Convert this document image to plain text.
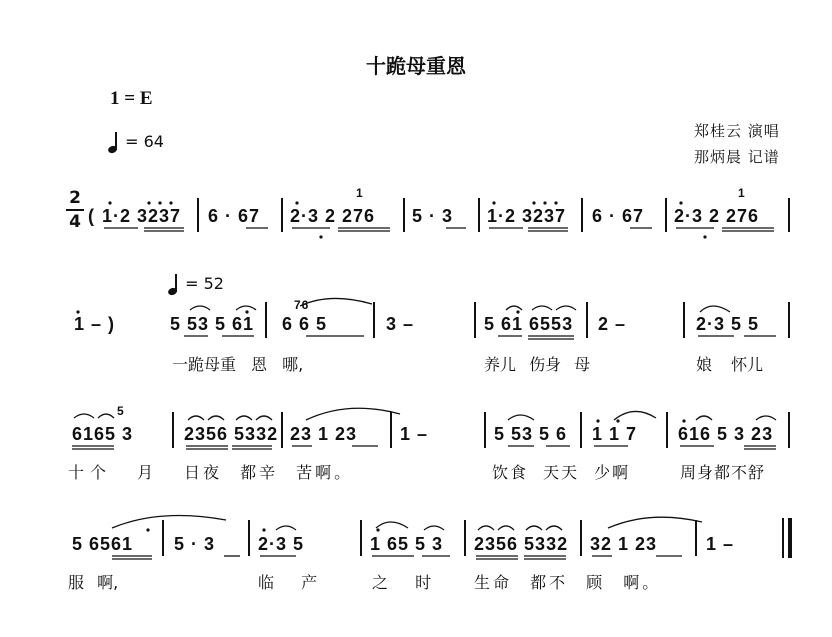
十跪母重恩
1 = E
= 64
郑桂云 演唱
那炳晨 记谱
2
4 ( 1·2 3237 6 · 67 2·3 2 276
1
5 · 3 1·2 3237 6 · 67 2·3 2 276
1
= 52
1 – )	5 53 5 61 6 6 5
76
3 –	5 61 6553 2 –	2·3 5 5
一跪母重 恩 哪,	养儿 伤身 母	娘 怀儿
6165 3
5
2356 5332 23 1 23 1 –	5 53 5 6 1 1 7 616 5 3 23
十个 月 日夜 都辛 苦啊。	饮食 天天 少啊	周身都不舒
5 6561 5 · 3 2·3 5	1 65 5 3 2356 5332 32 1 23	1 –
服 啊,	临 产	之 时	生命 都不 顾 啊。
